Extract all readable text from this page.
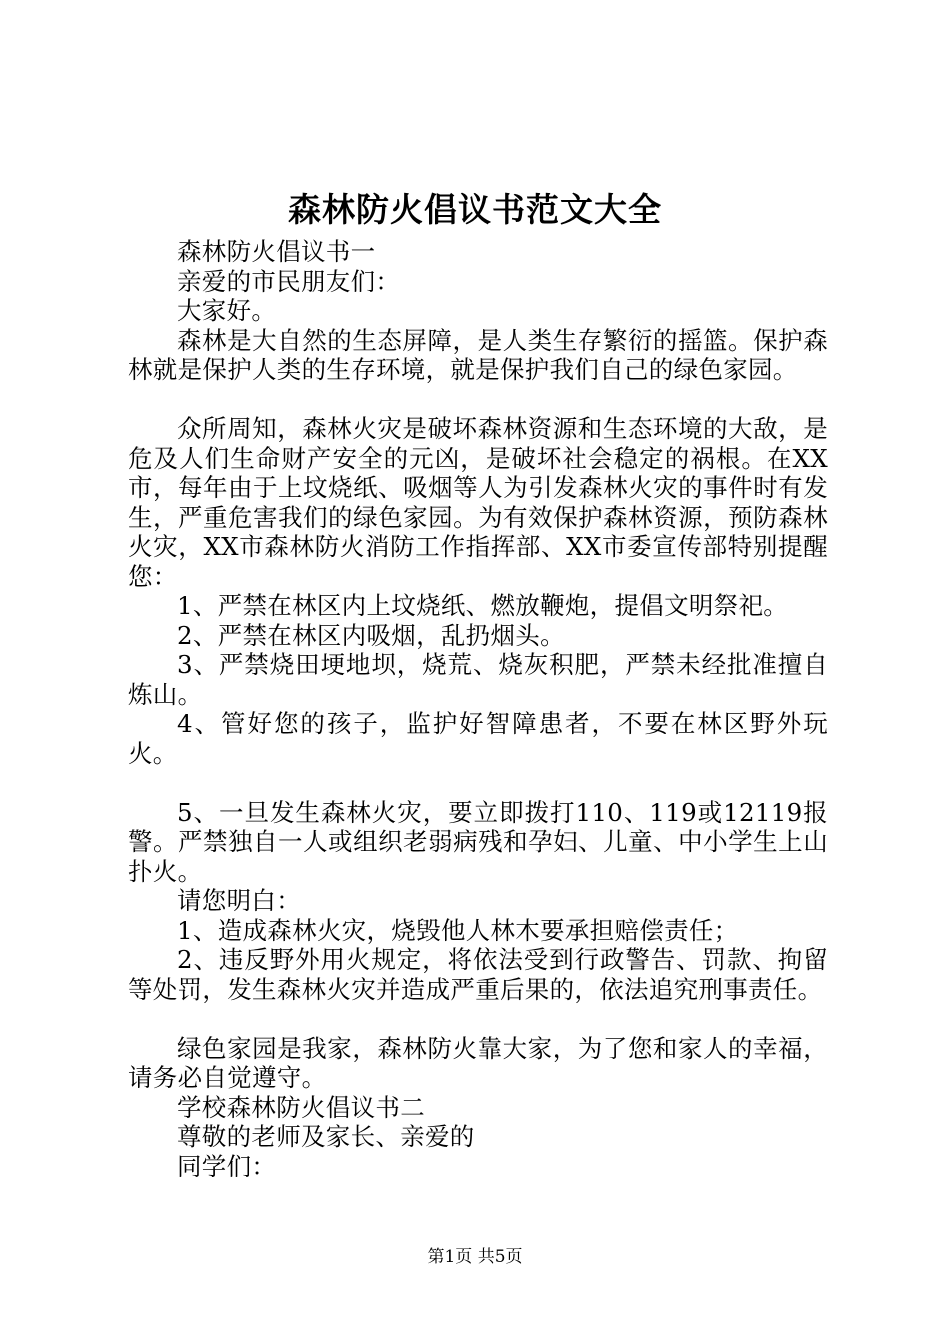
森林防火倡议书范文大全

森林防火倡议书一

亲爱的市民朋友们：

大家好。

森林是大自然的生态屏障，是人类生存繁衍的摇篮。保护森林就是保护人类的生存环境，就是保护我们自己的绿色家园。

众所周知，森林火灾是破坏森林资源和生态环境的大敌，是危及人们生命财产安全的元凶，是破坏社会稳定的祸根。在XX市，每年由于上坟烧纸、吸烟等人为引发森林火灾的事件时有发生，严重危害我们的绿色家园。为有效保护森林资源，预防森林火灾，XX市森林防火消防工作指挥部、XX市委宣传部特别提醒您：

1、严禁在林区内上坟烧纸、燃放鞭炮，提倡文明祭祀。

2、严禁在林区内吸烟，乱扔烟头。

3、严禁烧田埂地坝，烧荒、烧灰积肥，严禁未经批准擅自炼山。

4、管好您的孩子，监护好智障患者，不要在林区野外玩火。

5、一旦发生森林火灾，要立即拨打110、119或12119报警。严禁独自一人或组织老弱病残和孕妇、儿童、中小学生上山扑火。

请您明白：

1、造成森林火灾，烧毁他人林木要承担赔偿责任；

2、违反野外用火规定，将依法受到行政警告、罚款、拘留等处罚，发生森林火灾并造成严重后果的，依法追究刑事责任。

绿色家园是我家，森林防火靠大家，为了您和家人的幸福，请务必自觉遵守。

学校森林防火倡议书二

尊敬的老师及家长、亲爱的

同学们：

第1页 共5页
